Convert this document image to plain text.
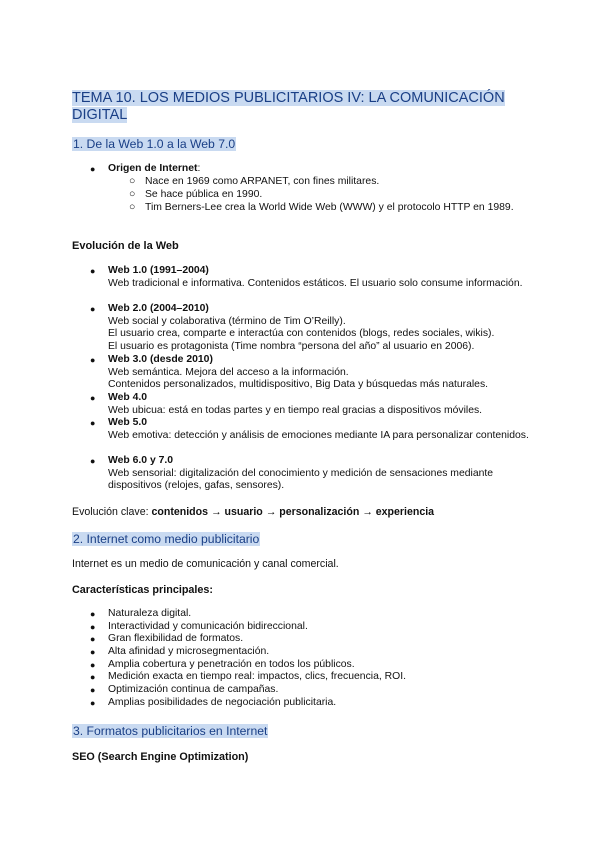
TEMA 10. LOS MEDIOS PUBLICITARIOS IV: LA COMUNICACIÓN DIGITAL
1. De la Web 1.0 a la Web 7.0
● Origen de Internet:
○ Nace en 1969 como ARPANET, con fines militares.
○ Se hace pública en 1990.
○ Tim Berners-Lee crea la World Wide Web (WWW) y el protocolo HTTP en 1989.
Evolución de la Web
● Web 1.0 (1991–2004)
Web tradicional e informativa. Contenidos estáticos. El usuario solo consume información.
● Web 2.0 (2004–2010)
Web social y colaborativa (término de Tim O’Reilly).
El usuario crea, comparte e interactúa con contenidos (blogs, redes sociales, wikis).
El usuario es protagonista (Time nombra “persona del año” al usuario en 2006).
● Web 3.0 (desde 2010)
Web semántica. Mejora del acceso a la información.
Contenidos personalizados, multidispositivo, Big Data y búsquedas más naturales.
● Web 4.0
Web ubicua: está en todas partes y en tiempo real gracias a dispositivos móviles.
● Web 5.0
Web emotiva: detección y análisis de emociones mediante IA para personalizar contenidos.
● Web 6.0 y 7.0
Web sensorial: digitalización del conocimiento y medición de sensaciones mediante dispositivos (relojes, gafas, sensores).
Evolución clave: contenidos → usuario → personalización → experiencia
2. Internet como medio publicitario
Internet es un medio de comunicación y canal comercial.
Características principales:
● Naturaleza digital.
● Interactividad y comunicación bidireccional.
● Gran flexibilidad de formatos.
● Alta afinidad y microsegmentación.
● Amplia cobertura y penetración en todos los públicos.
● Medición exacta en tiempo real: impactos, clics, frecuencia, ROI.
● Optimización continua de campañas.
● Amplias posibilidades de negociación publicitaria.
3. Formatos publicitarios en Internet
SEO (Search Engine Optimization)
